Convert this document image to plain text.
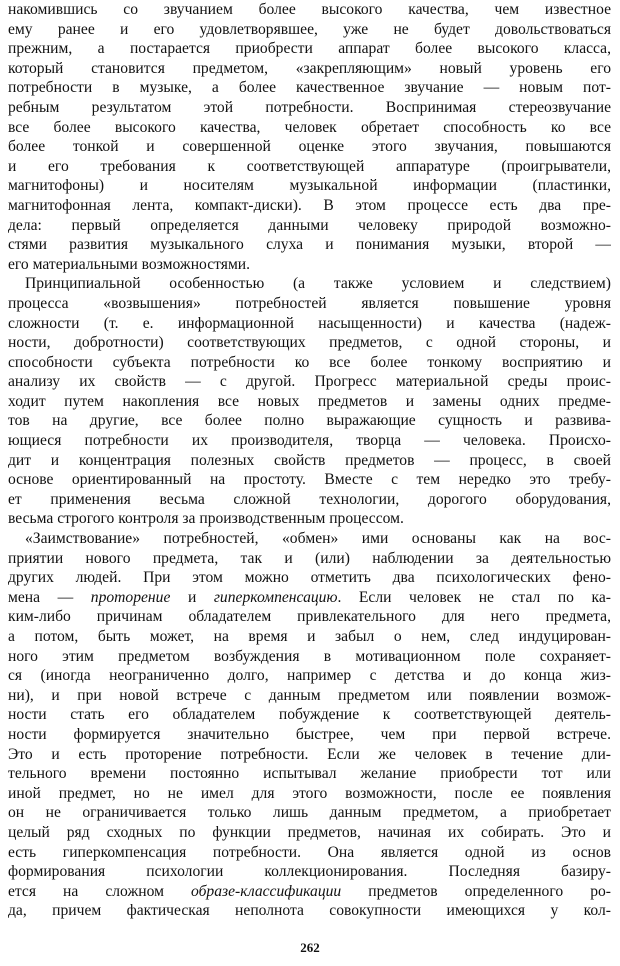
накомившись со звучанием более высокого качества, чем известное
ему ранее и его удовлетворявшее, уже не будет довольствоваться
прежним, а постарается приобрести аппарат более высокого класса,
который становится предметом, «закрепляющим» новый уровень его
потребности в музыке, а более качественное звучание — новым пот-
ребным результатом этой потребности. Воспринимая стереозвучание
все более высокого качества, человек обретает способность ко все
более тонкой и совершенной оценке этого звучания, повышаются
и его требования к соответствующей аппаратуре (проигрыватели,
магнитофоны) и носителям музыкальной информации (пластинки,
магнитофонная лента, компакт-диски). В этом процессе есть два пре-
дела: первый определяется данными человеку природой возможно-
стями развития музыкального слуха и понимания музыки, второй —
его материальными возможностями.
Принципиальной особенностью (а также условием и следствием)
процесса «возвышения» потребностей является повышение уровня
сложности (т. е. информационной насыщенности) и качества (надеж-
ности, добротности) соответствующих предметов, с одной стороны, и
способности субъекта потребности ко все более тонкому восприятию и
анализу их свойств — с другой. Прогресс материальной среды проис-
ходит путем накопления все новых предметов и замены одних предме-
тов на другие, все более полно выражающие сущность и развива-
ющиеся потребности их производителя, творца — человека. Происхо-
дит и концентрация полезных свойств предметов — процесс, в своей
основе ориентированный на простоту. Вместе с тем нередко это требу-
ет применения весьма сложной технологии, дорогого оборудования,
весьма строгого контроля за производственным процессом.
«Заимствование» потребностей, «обмен» ими основаны как на вос-
приятии нового предмета, так и (или) наблюдении за деятельностью
других людей. При этом можно отметить два психологических фено-
мена — проторение и гиперкомпенсацию. Если человек не стал по ка-
ким-либо причинам обладателем привлекательного для него предмета,
а потом, быть может, на время и забыл о нем, след индуцирован-
ного этим предметом возбуждения в мотивационном поле сохраняет-
ся (иногда неограниченно долго, например с детства и до конца жиз-
ни), и при новой встрече с данным предметом или появлении возмож-
ности стать его обладателем побуждение к соответствующей деятель-
ности формируется значительно быстрее, чем при первой встрече.
Это и есть проторение потребности. Если же человек в течение дли-
тельного времени постоянно испытывал желание приобрести тот или
иной предмет, но не имел для этого возможности, после ее появления
он не ограничивается только лишь данным предметом, а приобретает
целый ряд сходных по функции предметов, начиная их собирать. Это и
есть гиперкомпенсация потребности. Она является одной из основ
формирования психологии коллекционирования. Последняя базиру-
ется на сложном образе-классификации предметов определенного ро-
да, причем фактическая неполнота совокупности имеющихся у кол-
262
